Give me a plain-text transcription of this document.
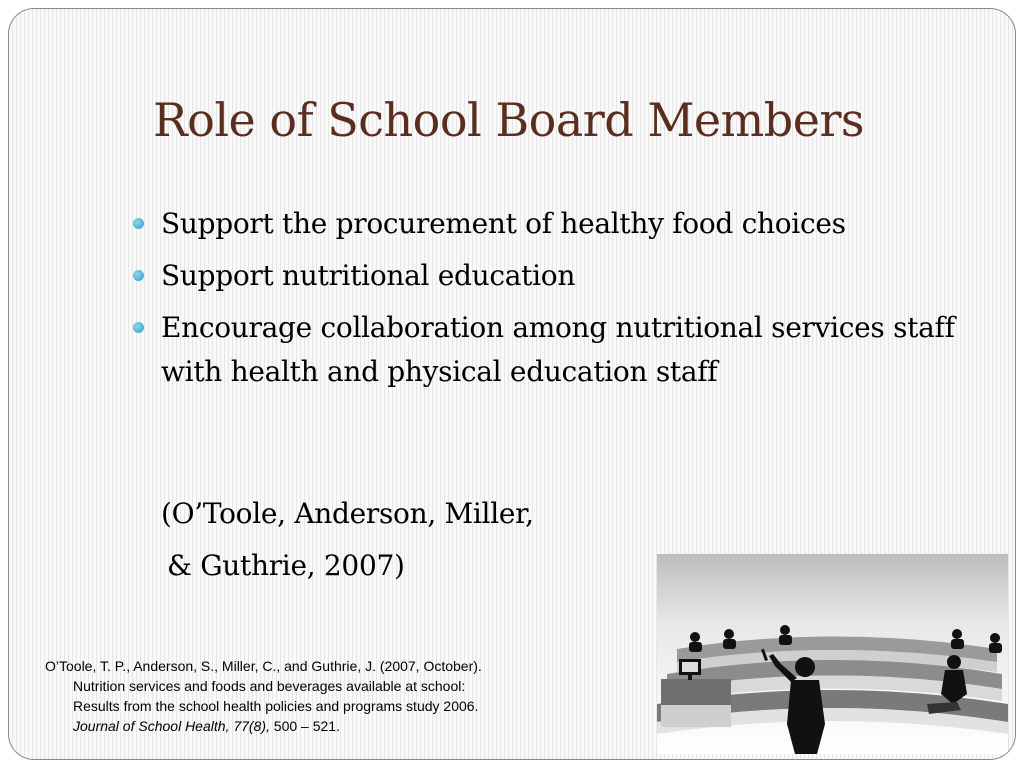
Role of School Board Members
Support the procurement of healthy food choices
Support nutritional education
Encourage collaboration among nutritional services staff with health and physical education staff
(O’Toole, Anderson, Miller,
& Guthrie, 2007)
O’Toole, T. P., Anderson, S., Miller, C., and Guthrie, J. (2007, October).
Nutrition services and foods and beverages available at school:
Results from the school health policies and programs study 2006.
Journal of School Health, 77(8), 500 – 521.
